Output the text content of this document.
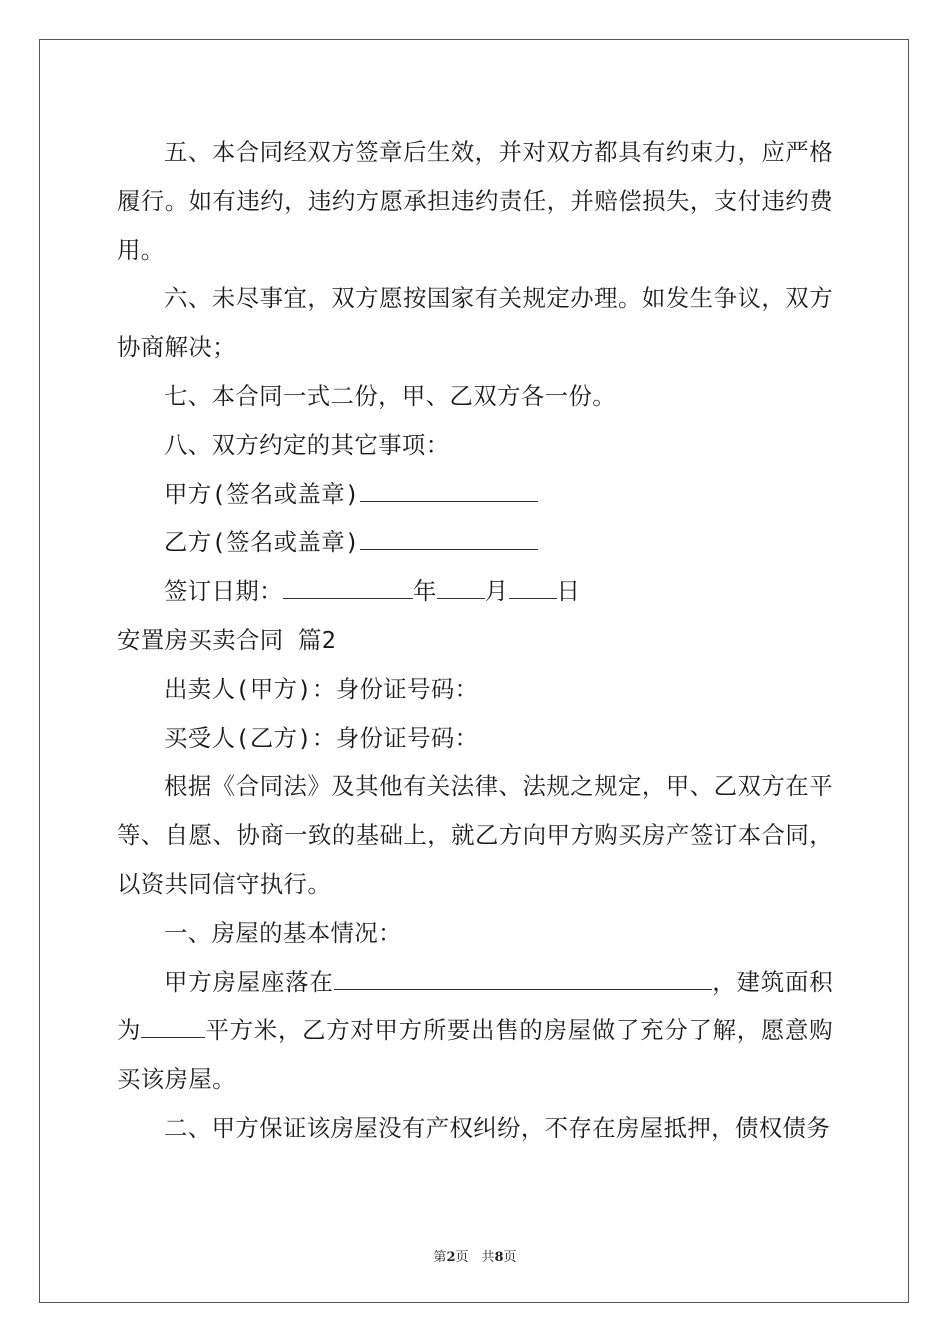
五、本合同经双方签章后生效，并对双方都具有约束力，应严格履行。如有违约，违约方愿承担违约责任，并赔偿损失，支付违约费用。

六、未尽事宜，双方愿按国家有关规定办理。如发生争议，双方协商解决；

七、本合同一式二份，甲、乙双方各一份。

八、双方约定的其它事项：

甲方(签名或盖章)

乙方(签名或盖章)

签订日期：	年 月 日

安置房买卖合同 篇2

出卖人(甲方)：身份证号码：

买受人(乙方)：身份证号码：

根据《合同法》及其他有关法律、法规之规定，甲、乙双方在平等、自愿、协商一致的基础上，就乙方向甲方购买房产签订本合同，以资共同信守执行。

一、房屋的基本情况：

甲方房屋座落在	，建筑面积为	平方米，乙方对甲方所要出售的房屋做了充分了解，愿意购买该房屋。

二、甲方保证该房屋没有产权纠纷，不存在房屋抵押，债权债务

第2页　共8页
